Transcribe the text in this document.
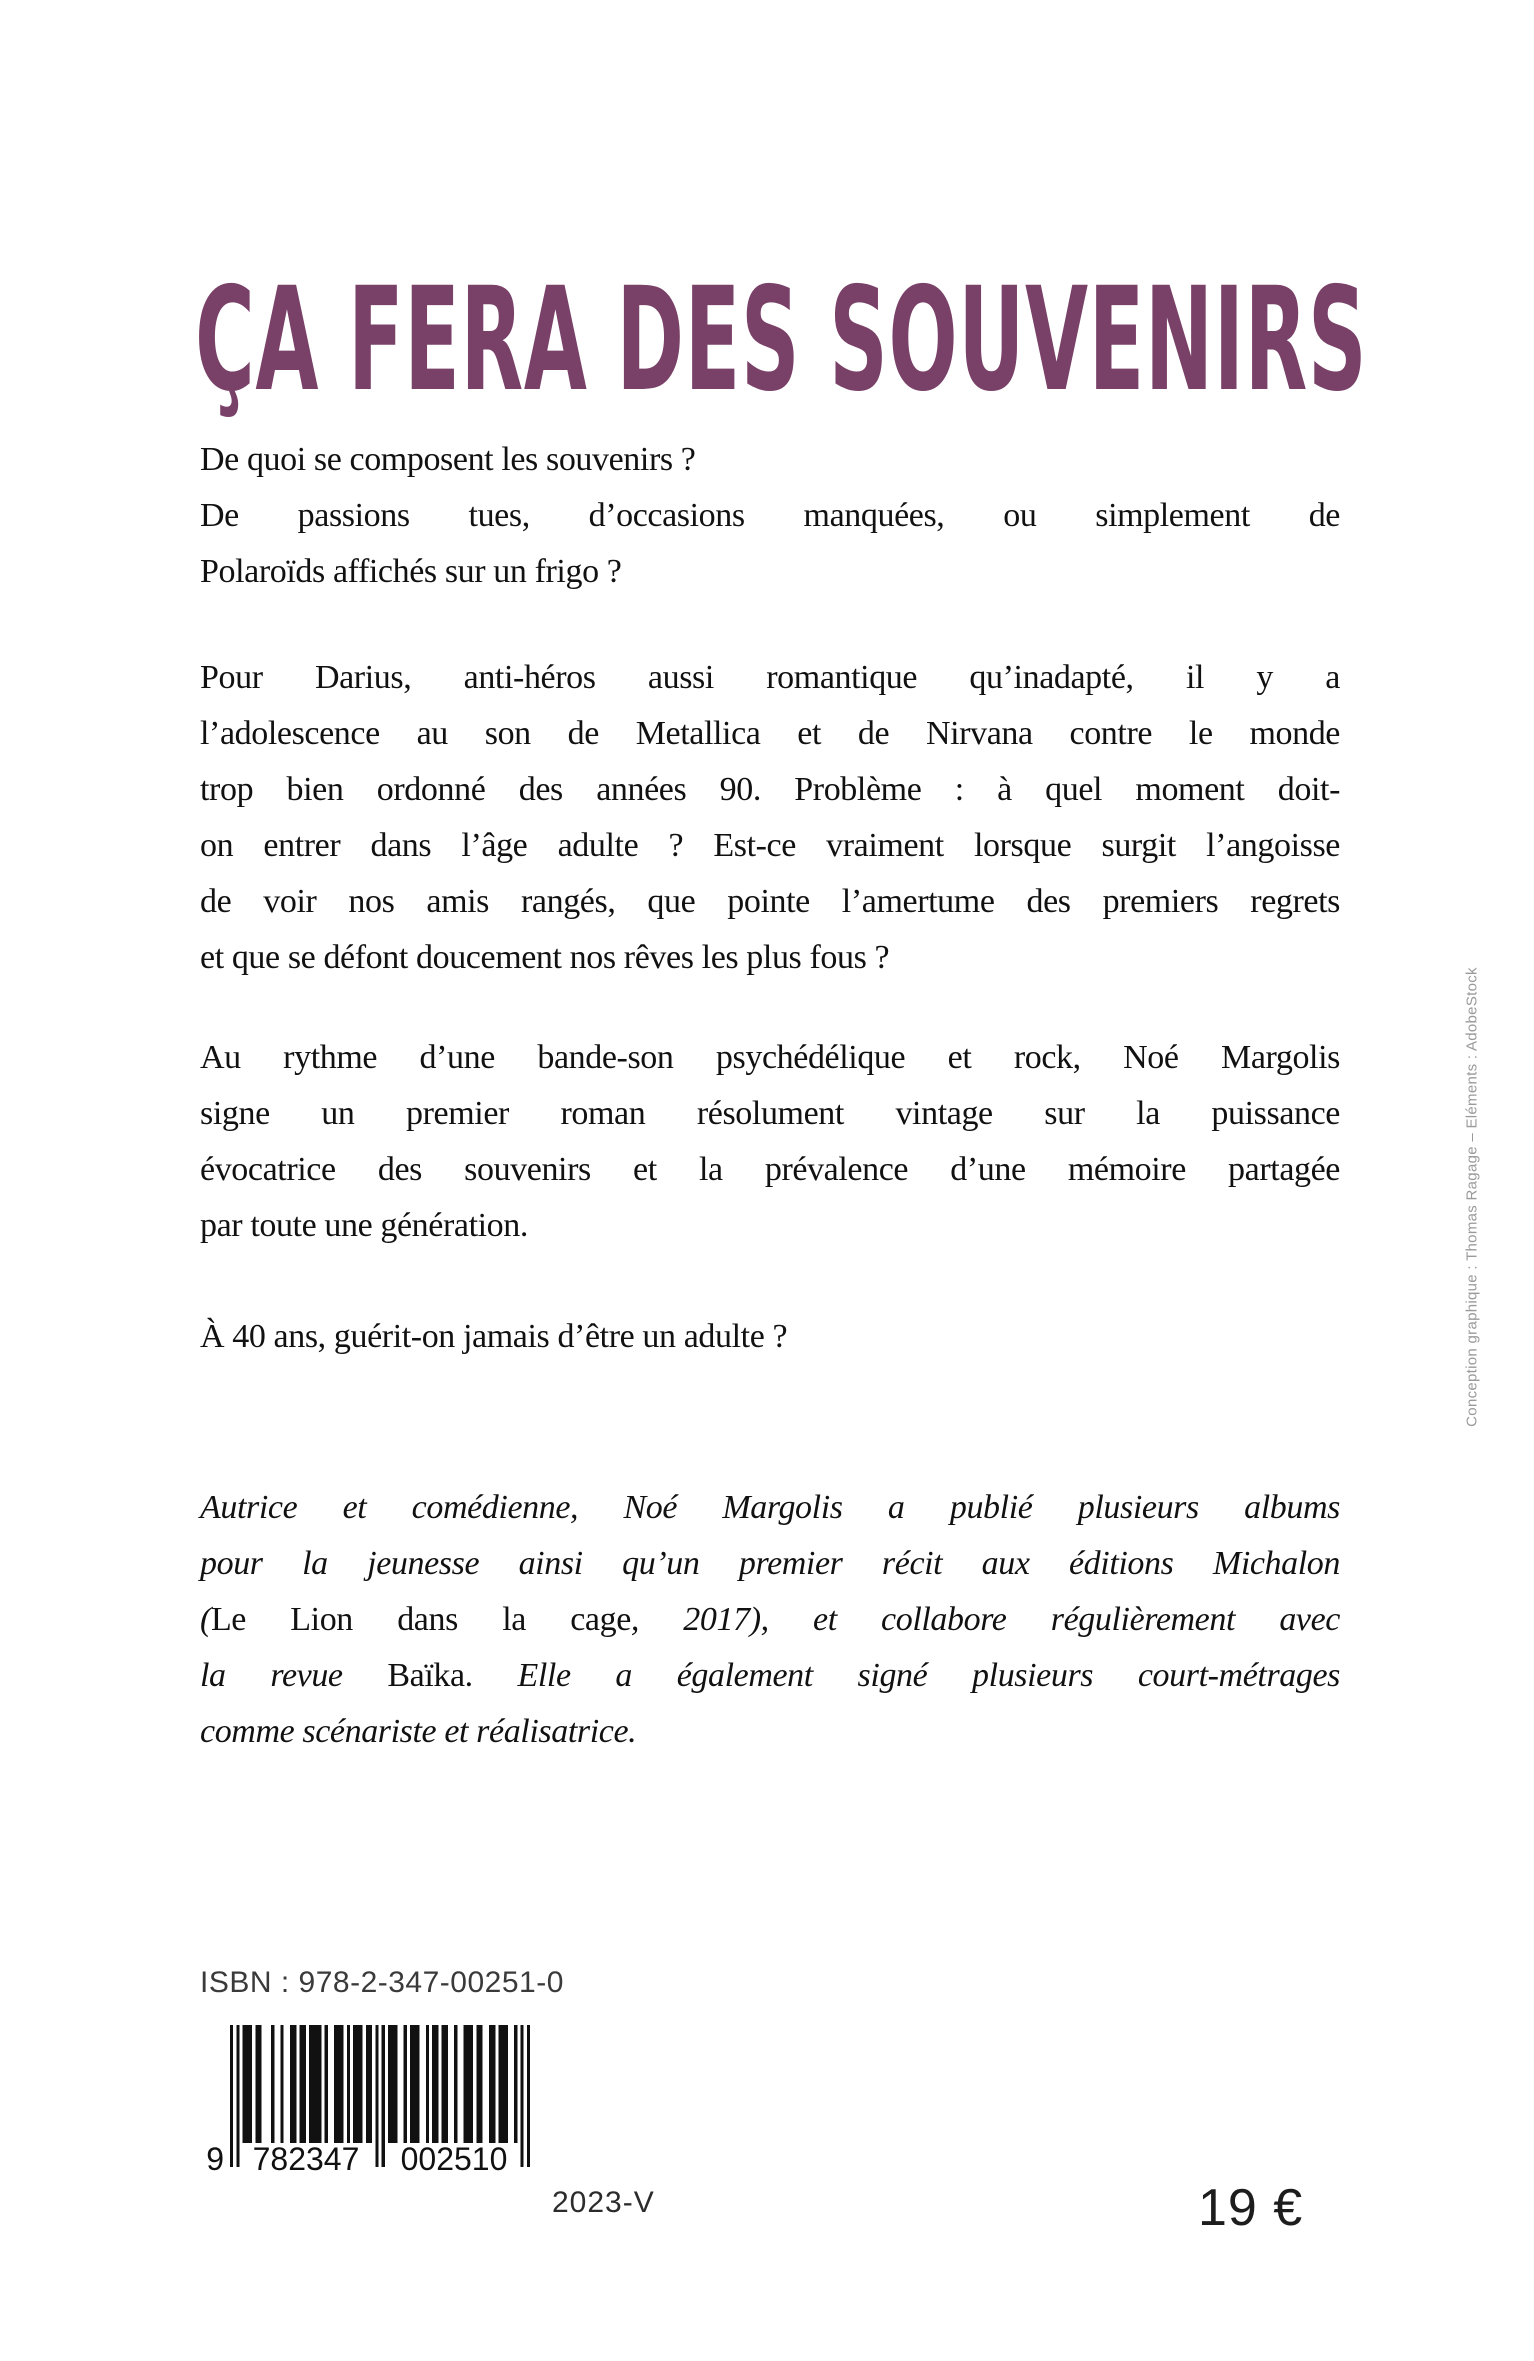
ÇA FERA DES SOUVENIRS
De quoi se composent les souvenirs ?
De passions tues, d’occasions manquées, ou simplement de
Polaroïds affichés sur un frigo ?
Pour Darius, anti-héros aussi romantique qu’inadapté, il y a
l’adolescence au son de Metallica et de Nirvana contre le monde
trop bien ordonné des années 90. Problème : à quel moment doit-
on entrer dans l’âge adulte ? Est-ce vraiment lorsque surgit l’angoisse
de voir nos amis rangés, que pointe l’amertume des premiers regrets
et que se défont doucement nos rêves les plus fous ?
Au rythme d’une bande-son psychédélique et rock, Noé Margolis
signe un premier roman résolument vintage sur la puissance
évocatrice des souvenirs et la prévalence d’une mémoire partagée
par toute une génération.
À 40 ans, guérit-on jamais d’être un adulte ?
Autrice et comédienne, Noé Margolis a publié plusieurs albums
pour la jeunesse ainsi qu’un premier récit aux éditions Michalon
(Le Lion dans la cage, 2017), et collabore régulièrement avec
la revue Baïka. Elle a également signé plusieurs court-métrages
comme scénariste et réalisatrice.
ISBN : 978-2-347-00251-0
9 782347	002510
2023-V	19 €
Conception graphique : Thomas Ragage – Eléments : AdobeStock
